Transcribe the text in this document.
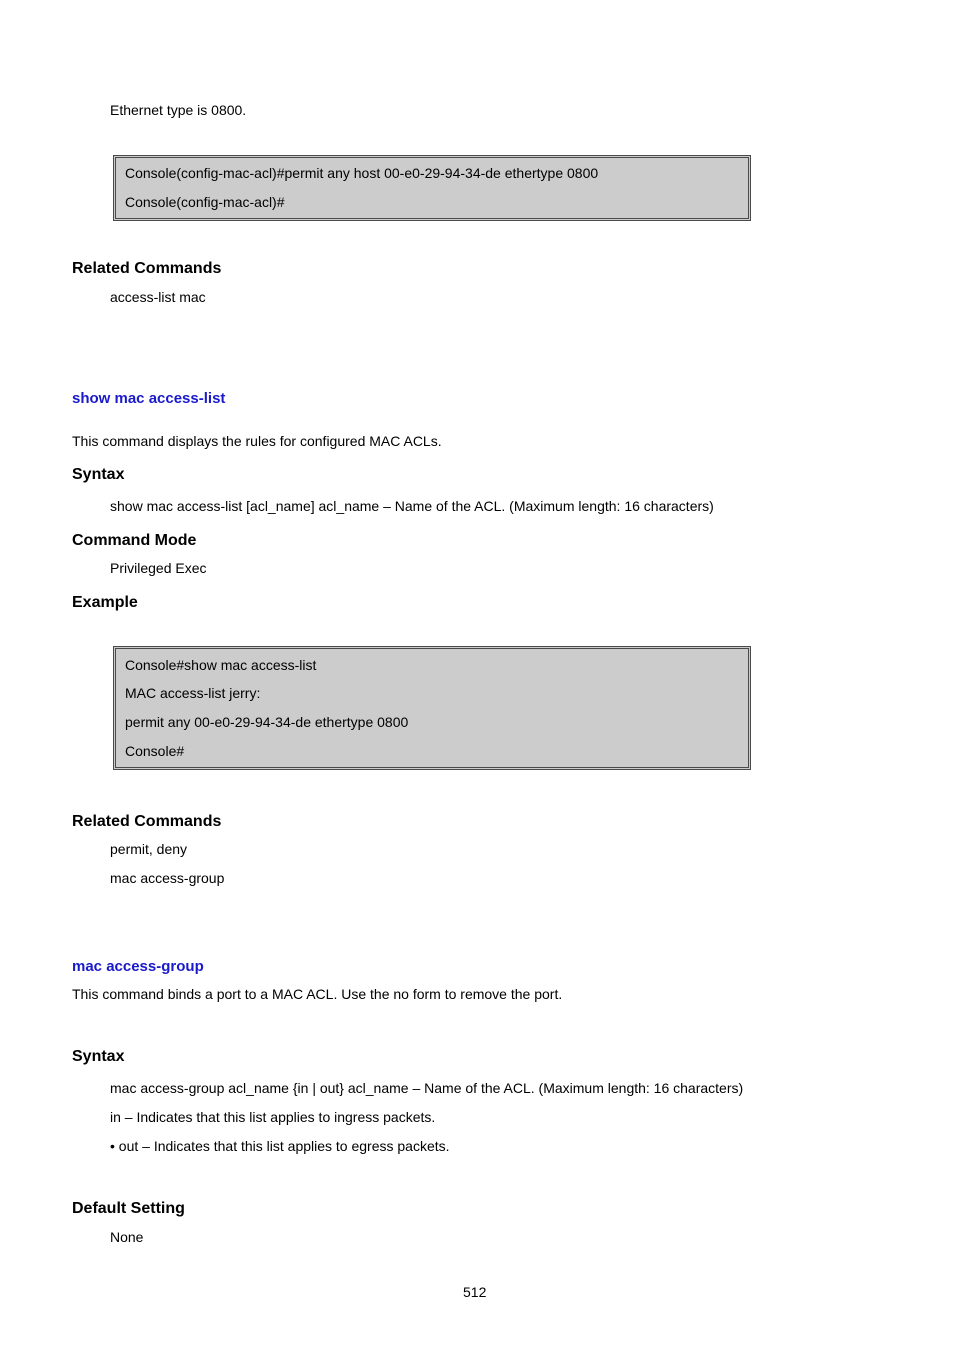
Ethernet type is 0800.
Console(config-mac-acl)#permit any host 00-e0-29-94-34-de ethertype 0800
Console(config-mac-acl)#
Related Commands
access-list mac
show mac access-list
This command displays the rules for configured MAC ACLs.
Syntax
show mac access-list [acl_name] acl_name – Name of the ACL. (Maximum length: 16 characters)
Command Mode
Privileged Exec
Example
Console#show mac access-list
MAC access-list jerry:
permit any 00-e0-29-94-34-de ethertype 0800
Console#
Related Commands
permit, deny
mac access-group
mac access-group
This command binds a port to a MAC ACL. Use the no form to remove the port.
Syntax
mac access-group acl_name {in | out} acl_name – Name of the ACL. (Maximum length: 16 characters)
in – Indicates that this list applies to ingress packets.
• out – Indicates that this list applies to egress packets.
Default Setting
None
512
